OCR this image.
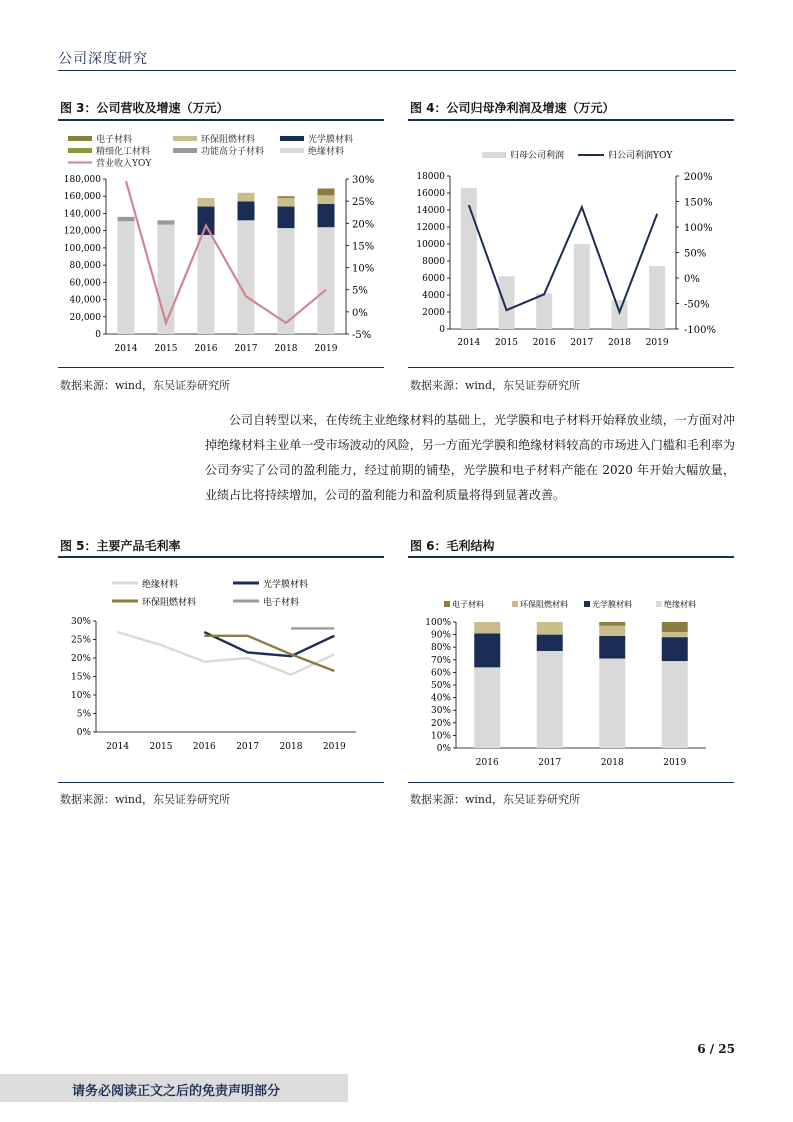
公司深度研究
图 3：公司营收及增速（万元）
电子材料	环保阻燃材料	光学膜材料
精细化工材料	功能高分子材料	绝缘材料
营业收入YOY
0
20,000
40,000
60,000
80,000
100,000
120,000
140,000
160,000
180,000
-5%
0%
5%
10%
15%
20%
25%
30%
2014 2015 2016 2017 2018 2019
数据来源：wind，东吴证券研究所
图 4：公司归母净利润及增速（万元）
归母公司利润	归公司利润YOY
0
2000
4000
6000
8000
10000
12000
14000
16000
18000
-100%
-50%
0%
50%
100%
150%
200%
2014 2015 2016 2017 2018 2019
数据来源：wind，东吴证券研究所

公司自转型以来，在传统主业绝缘材料的基础上，光学膜和电子材料开始释放业绩，一方面对冲掉绝缘材料主业单一受市场波动的风险，另一方面光学膜和绝缘材料较高的市场进入门槛和毛利率为公司夯实了公司的盈利能力，经过前期的铺垫，光学膜和电子材料产能在 2020 年开始大幅放量，业绩占比将持续增加，公司的盈利能力和盈利质量将得到显著改善。

图 5：主要产品毛利率
绝缘材料	光学膜材料
环保阻燃材料	电子材料
0%
5%
10%
15%
20%
25%
30%
2014 2015 2016 2017 2018 2019
数据来源：wind，东吴证券研究所
图 6：毛利结构
电子材料	环保阻燃材料	光学膜材料	绝缘材料
0%
10%
20%
30%
40%
50%
60%
70%
80%
90%
100%
2016	2017	2018	2019
数据来源：wind，东吴证券研究所
6 / 25
请务必阅读正文之后的免责声明部分
